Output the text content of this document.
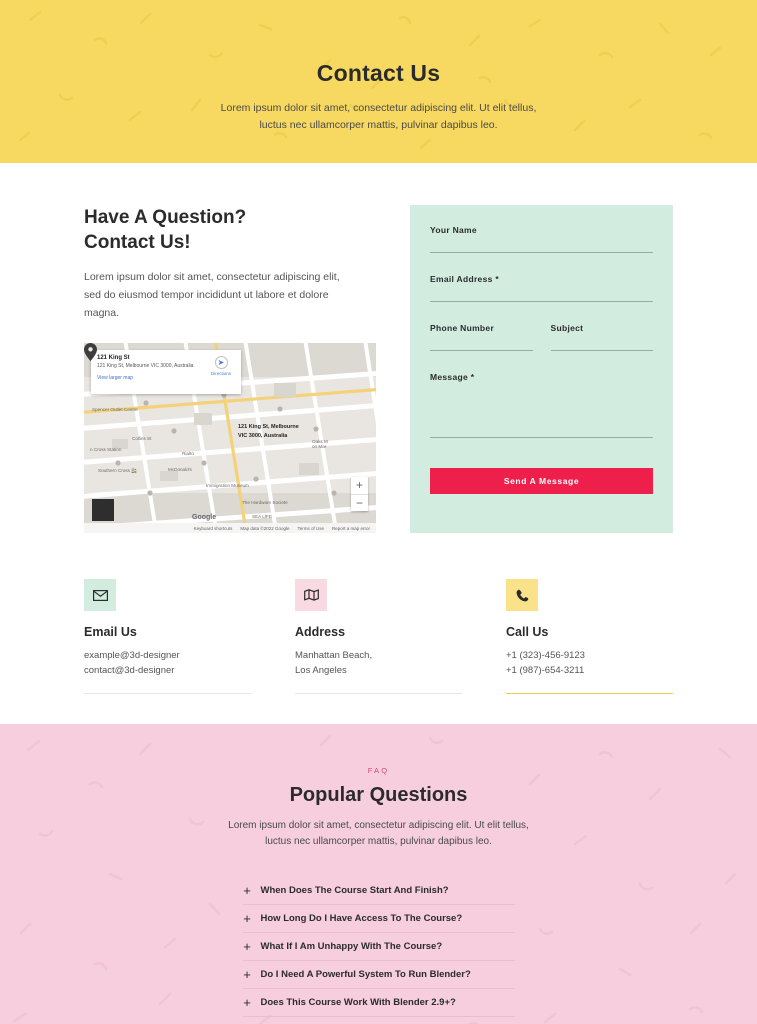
Contact Us

Lorem ipsum dolor sit amet, consectetur adipiscing elit. Ut elit tellus, luctus nec ullamcorper mattis, pulvinar dapibus leo.

Have A Question?
Contact Us!

Lorem ipsum dolor sit amet, consectetur adipiscing elit, sed do eiusmod tempor incididunt ut labore et dolore magna.

121 King St
121 King St, Melbourne VIC 3000, Australia
View larger map
➤
Directions
121 King St, Melbourne
VIC 3000, Australia
n Cross Station
Southern Cross 🚉
Spencer Outlet Centre
McDonald's
Rialto
Immigration Museum
The Hardware Societe
SEA LIFE
Oaks M
on Mar
Collins St
+
−
Google
Keyboard shortcuts Map data ©2022 Google Terms of Use Report a map error
Your Name
Email Address *
Phone Number	Subject
Message *
Send A Message
Email Us
example@3d-designer
contact@3d-designer
Address
Manhattan Beach,
Los Angeles
Call Us
+1 (323)-456-9123
+1 (987)-654-3211
FAQ
Popular Questions

Lorem ipsum dolor sit amet, consectetur adipiscing elit. Ut elit tellus, luctus nec ullamcorper mattis, pulvinar dapibus leo.

+ When Does The Course Start And Finish?
+ How Long Do I Have Access To The Course?
+ What If I Am Unhappy With The Course?
+ Do I Need A Powerful System To Run Blender?
+ Does This Course Work With Blender 2.9+?
